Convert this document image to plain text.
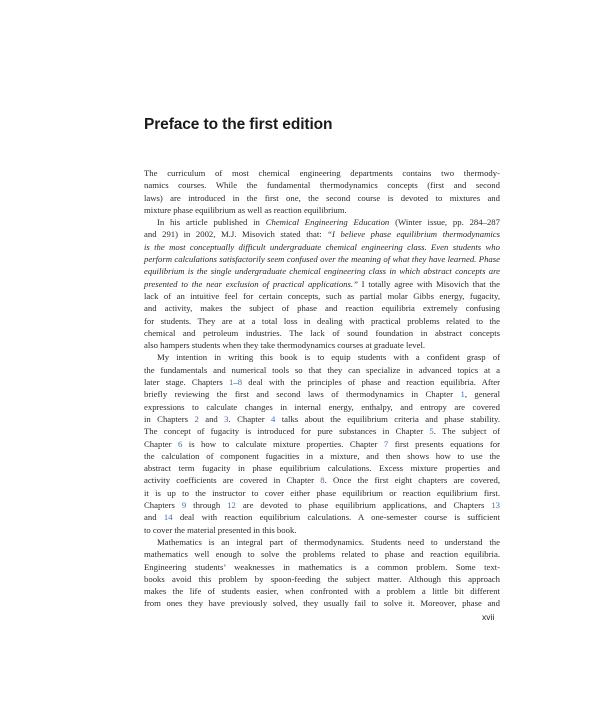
Preface to the first edition
The curriculum of most chemical engineering departments contains two thermody-
namics courses. While the fundamental thermodynamics concepts (first and second
laws) are introduced in the first one, the second course is devoted to mixtures and
mixture phase equilibrium as well as reaction equilibrium.
In his article published in Chemical Engineering Education (Winter issue, pp. 284–287
and 291) in 2002, M.J. Misovich stated that: “I believe phase equilibrium thermodynamics
is the most conceptually difficult undergraduate chemical engineering class. Even students who
perform calculations satisfactorily seem confused over the meaning of what they have learned. Phase
equilibrium is the single undergraduate chemical engineering class in which abstract concepts are
presented to the near exclusion of practical applications.” I totally agree with Misovich that the
lack of an intuitive feel for certain concepts, such as partial molar Gibbs energy, fugacity,
and activity, makes the subject of phase and reaction equilibria extremely confusing
for students. They are at a total loss in dealing with practical problems related to the
chemical and petroleum industries. The lack of sound foundation in abstract concepts
also hampers students when they take thermodynamics courses at graduate level.
My intention in writing this book is to equip students with a confident grasp of
the fundamentals and numerical tools so that they can specialize in advanced topics at a
later stage. Chapters 1–8 deal with the principles of phase and reaction equilibria. After
briefly reviewing the first and second laws of thermodynamics in Chapter 1, general
expressions to calculate changes in internal energy, enthalpy, and entropy are covered
in Chapters 2 and 3. Chapter 4 talks about the equilibrium criteria and phase stability.
The concept of fugacity is introduced for pure substances in Chapter 5. The subject of
Chapter 6 is how to calculate mixture properties. Chapter 7 first presents equations for
the calculation of component fugacities in a mixture, and then shows how to use the
abstract term fugacity in phase equilibrium calculations. Excess mixture properties and
activity coefficients are covered in Chapter 8. Once the first eight chapters are covered,
it is up to the instructor to cover either phase equilibrium or reaction equilibrium first.
Chapters 9 through 12 are devoted to phase equilibrium applications, and Chapters 13
and 14 deal with reaction equilibrium calculations. A one-semester course is sufficient
to cover the material presented in this book.
Mathematics is an integral part of thermodynamics. Students need to understand the
mathematics well enough to solve the problems related to phase and reaction equilibria.
Engineering students’ weaknesses in mathematics is a common problem. Some text-
books avoid this problem by spoon-feeding the subject matter. Although this approach
makes the life of students easier, when confronted with a problem a little bit different
from ones they have previously solved, they usually fail to solve it. Moreover, phase and
xvii
